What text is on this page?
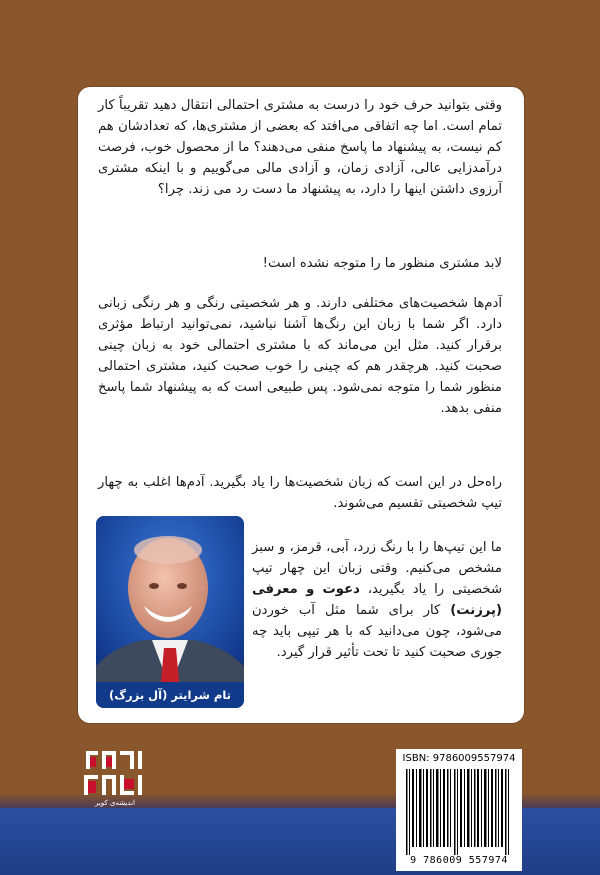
وقتی بتوانید حرف خود را درست به مشتری احتمالی انتقال دهید تقریباً کار تمام است. اما چه اتفاقی می‌افتد که بعضی از مشتری‌ها، که تعدادشان هم کم نیست، به پیشنهاد ما پاسخ منفی می‌دهند؟ ما از محصول خوب، فرصت درآمدزایی عالی، آزادی زمان، و آزادی مالی می‌گوییم و با اینکه مشتری آرزوی داشتن اینها را دارد، به پیشنهاد ما دست رد می زند. چرا؟

لابد مشتری منظور ما را متوجه نشده است!

آدم‌ها شخصیت‌های مختلفی دارند. و هر شخصیتی رنگی و هر رنگی زبانی دارد. اگر شما با زبان این رنگ‌ها آشنا نباشید، نمی‌توانید ارتباط مؤثری برقرار کنید. مثل این می‌ماند که با مشتری احتمالی خود به زبان چینی صحبت کنید. هرچقدر هم که چینی را خوب صحبت کنید، مشتری احتمالی منظور شما را متوجه نمی‌شود. پس طبیعی است که به پیشنهاد شما پاسخ منفی بدهد.

راه‌حل در این است که زبان شخصیت‌ها را یاد بگیرید. آدم‌ها اغلب به چهار تیپ شخصیتی تقسیم می‌شوند.

ما این تیپ‌ها را با رنگ زرد، آبی، قرمز، و سبز مشخص می‌کنیم. وقتی زبان این چهار تیپ شخصیتی را یاد بگیرید، دعوت و معرفی (پرزنت) کار برای شما مثل آب خوردن می‌شود، چون می‌دانید که با هر تیپی باید چه جوری صحبت کنید تا تحت تأثیر قرار گیرد.

تام شرایتر (آل بزرگ)
اندیشه‌ی کویر
ISBN: 9786009557974
9 786009 557974
